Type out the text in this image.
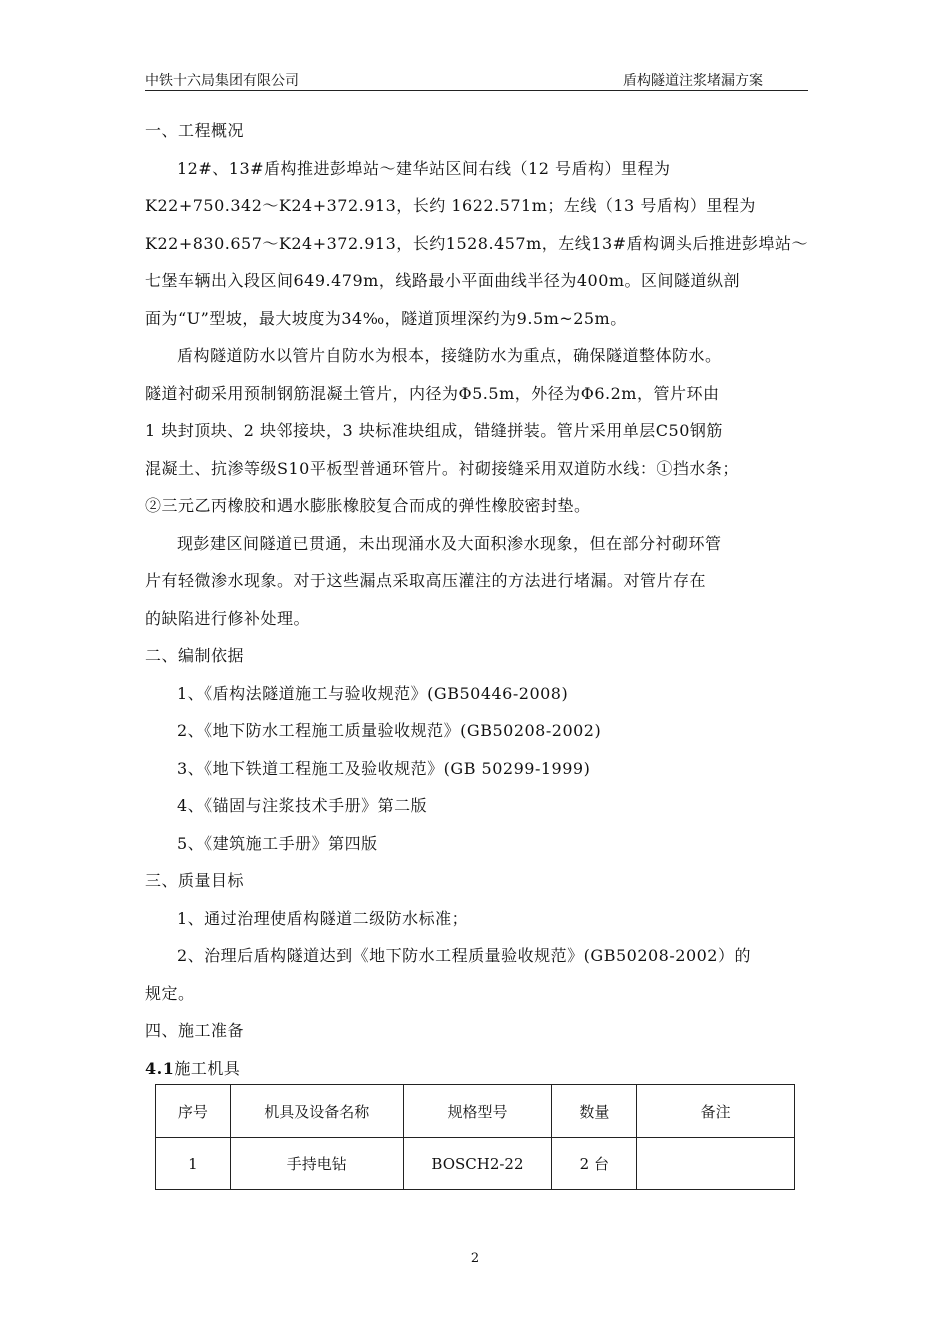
中铁十六局集团有限公司	盾构隧道注浆堵漏方案
一、工程概况
12#、13#盾构推进彭埠站～建华站区间右线（12 号盾构）里程为
K22+750.342～K24+372.913，长约 1622.571m；左线（13 号盾构）里程为
K22+830.657～K24+372.913，长约1528.457m，左线13#盾构调头后推进彭埠站～
七堡车辆出入段区间649.479m，线路最小平面曲线半径为400m。区间隧道纵剖
面为“U”型坡，最大坡度为34‰，隧道顶埋深约为9.5m~25m。
盾构隧道防水以管片自防水为根本，接缝防水为重点，确保隧道整体防水。
隧道衬砌采用预制钢筋混凝土管片，内径为Φ5.5m，外径为Φ6.2m，管片环由
1 块封顶块、2 块邻接块，3 块标准块组成，错缝拼装。管片采用单层C50钢筋
混凝土、抗渗等级S10平板型普通环管片。衬砌接缝采用双道防水线：①挡水条；
②三元乙丙橡胶和遇水膨胀橡胶复合而成的弹性橡胶密封垫。
现彭建区间隧道已贯通，未出现涌水及大面积渗水现象，但在部分衬砌环管
片有轻微渗水现象。对于这些漏点采取高压灌注的方法进行堵漏。对管片存在
的缺陷进行修补处理。
二、编制依据
1、《盾构法隧道施工与验收规范》(GB50446-2008)
2、《地下防水工程施工质量验收规范》(GB50208-2002)
3、《地下铁道工程施工及验收规范》(GB 50299-1999)
4、《锚固与注浆技术手册》第二版
5、《建筑施工手册》第四版
三、质量目标
1、通过治理使盾构隧道二级防水标准；
2、治理后盾构隧道达到《地下防水工程质量验收规范》(GB50208-2002）的
规定。
四、施工准备
4.1施工机具
序号	机具及设备名称	规格型号	数量	备注
1	手持电钻	BOSCH2-22	2 台	
2
